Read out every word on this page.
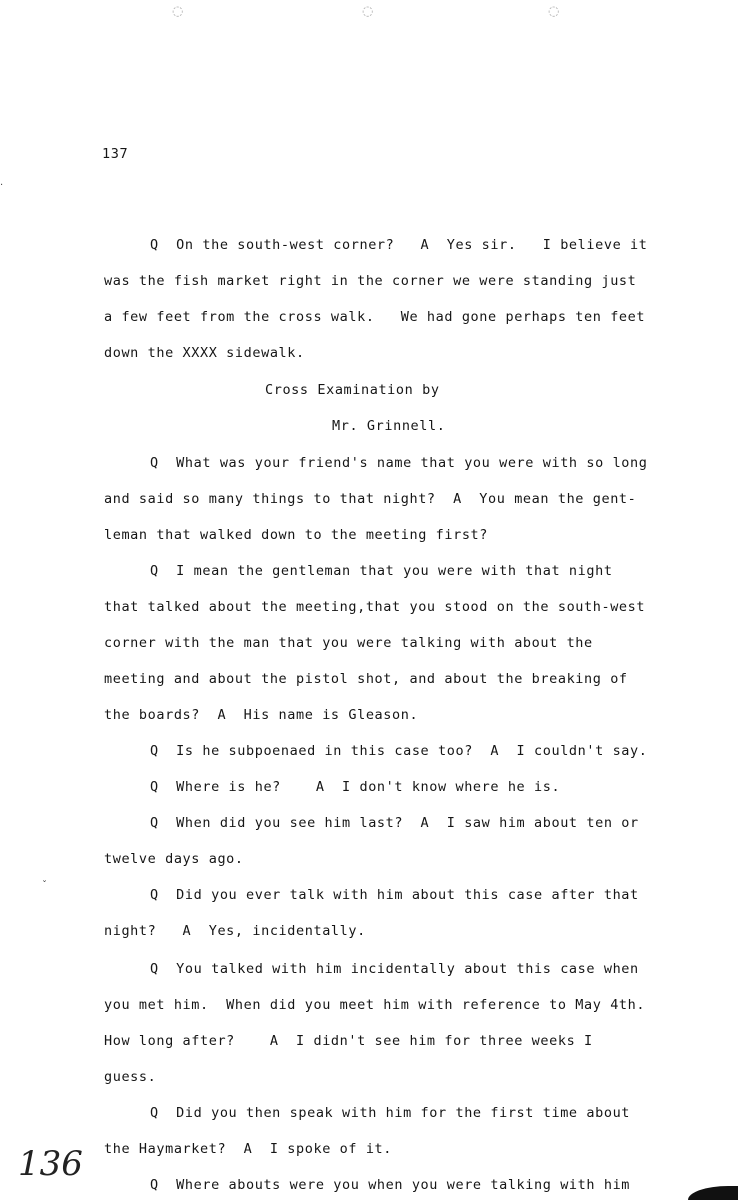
◌	◌	◌
·
ˇ
137
Q  On the south-west corner?   A  Yes sir.   I believe it
was the fish market right in the corner we were standing just
a few feet from the cross walk.   We had gone perhaps ten feet
down the XXXX sidewalk.
Cross Examination by
Mr. Grinnell.
Q  What was your friend's name that you were with so long
and said so many things to that night?  A  You mean the gent-
leman that walked down to the meeting first?
Q  I mean the gentleman that you were with that night
that talked about the meeting,that you stood on the south-west
corner with the man that you were talking with about the
meeting and about the pistol shot, and about the breaking of
the boards?  A  His name is Gleason.
Q  Is he subpoenaed in this case too?  A  I couldn't say.
Q  Where is he?    A  I don't know where he is.
Q  When did you see him last?  A  I saw him about ten or
twelve days ago.
Q  Did you ever talk with him about this case after that
night?   A  Yes, incidentally.
Q  You talked with him incidentally about this case when
you met him.  When did you meet him with reference to May 4th.
How long after?    A  I didn't see him for three weeks I
guess.
Q  Did you then speak with him for the first time about
the Haymarket?  A  I spoke of it.
Q  Where abouts were you when you were talking with him
136
